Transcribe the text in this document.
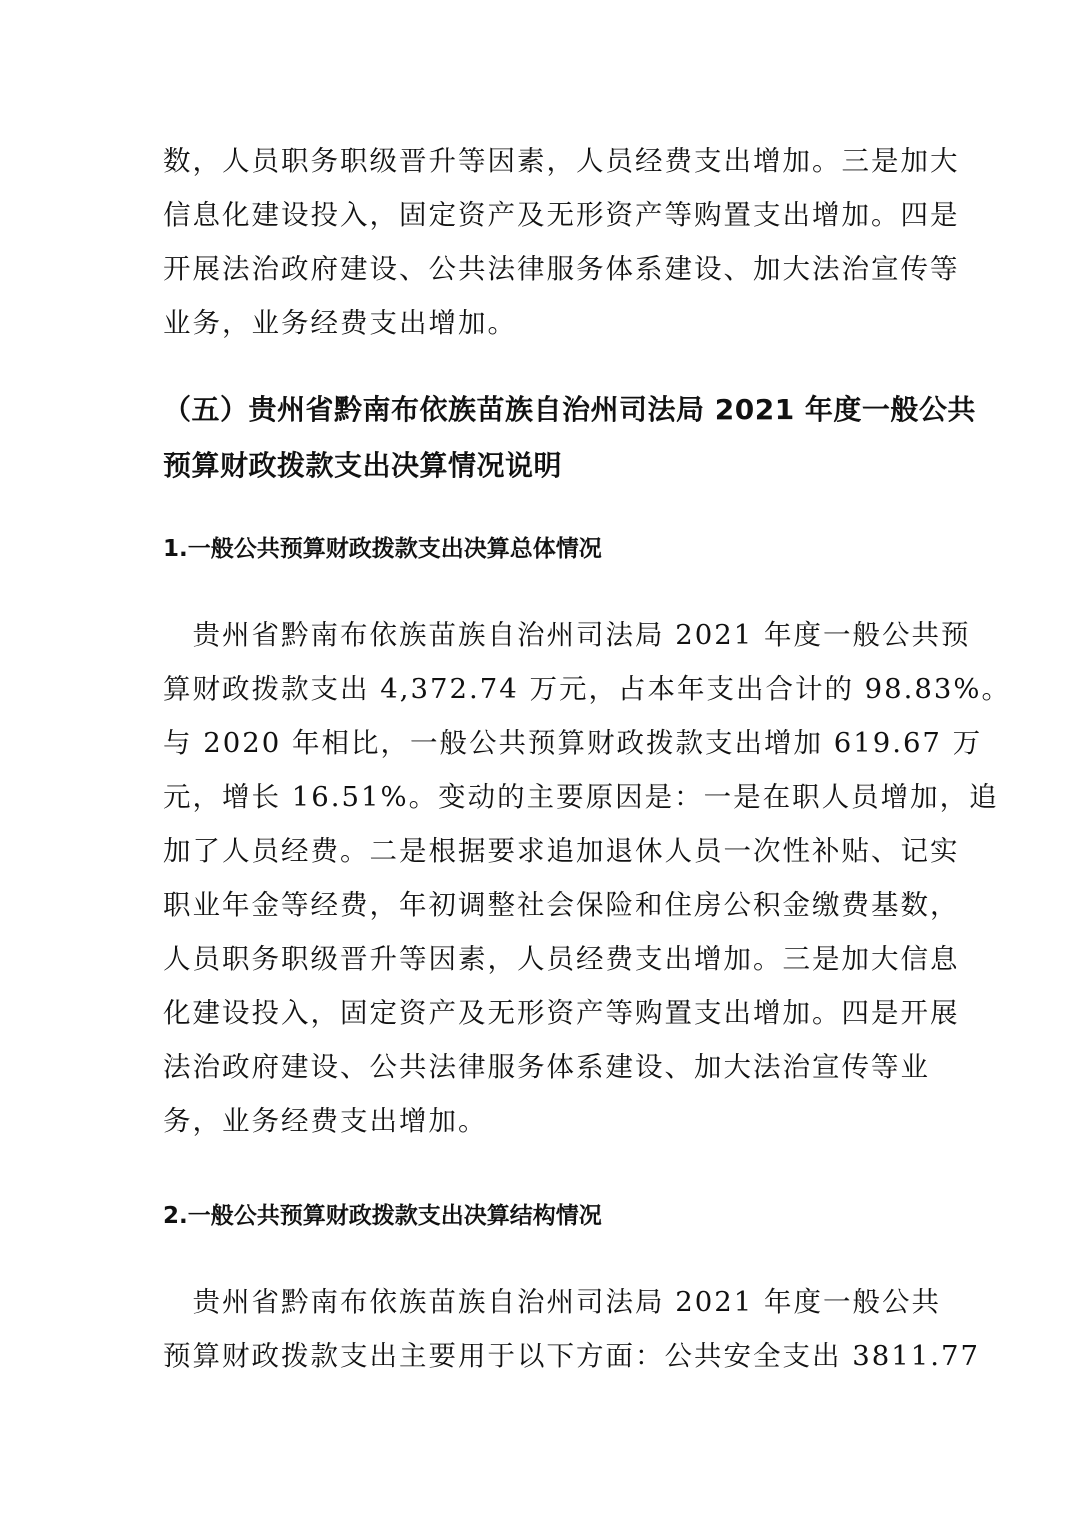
数，人员职务职级晋升等因素，人员经费支出增加。三是加大
信息化建设投入，固定资产及无形资产等购置支出增加。四是
开展法治政府建设、公共法律服务体系建设、加大法治宣传等
业务，业务经费支出增加。
（五）贵州省黔南布依族苗族自治州司法局 2021 年度一般公共
预算财政拨款支出决算情况说明
1.一般公共预算财政拨款支出决算总体情况
　贵州省黔南布依族苗族自治州司法局 2021 年度一般公共预
算财政拨款支出 4,372.74 万元，占本年支出合计的 98.83%。
与 2020 年相比，一般公共预算财政拨款支出增加 619.67 万
元，增长 16.51%。变动的主要原因是：一是在职人员增加，追
加了人员经费。二是根据要求追加退休人员一次性补贴、记实
职业年金等经费，年初调整社会保险和住房公积金缴费基数，
人员职务职级晋升等因素，人员经费支出增加。三是加大信息
化建设投入，固定资产及无形资产等购置支出增加。四是开展
法治政府建设、公共法律服务体系建设、加大法治宣传等业
务，业务经费支出增加。
2.一般公共预算财政拨款支出决算结构情况
　贵州省黔南布依族苗族自治州司法局 2021 年度一般公共
预算财政拨款支出主要用于以下方面：公共安全支出 3811.77
